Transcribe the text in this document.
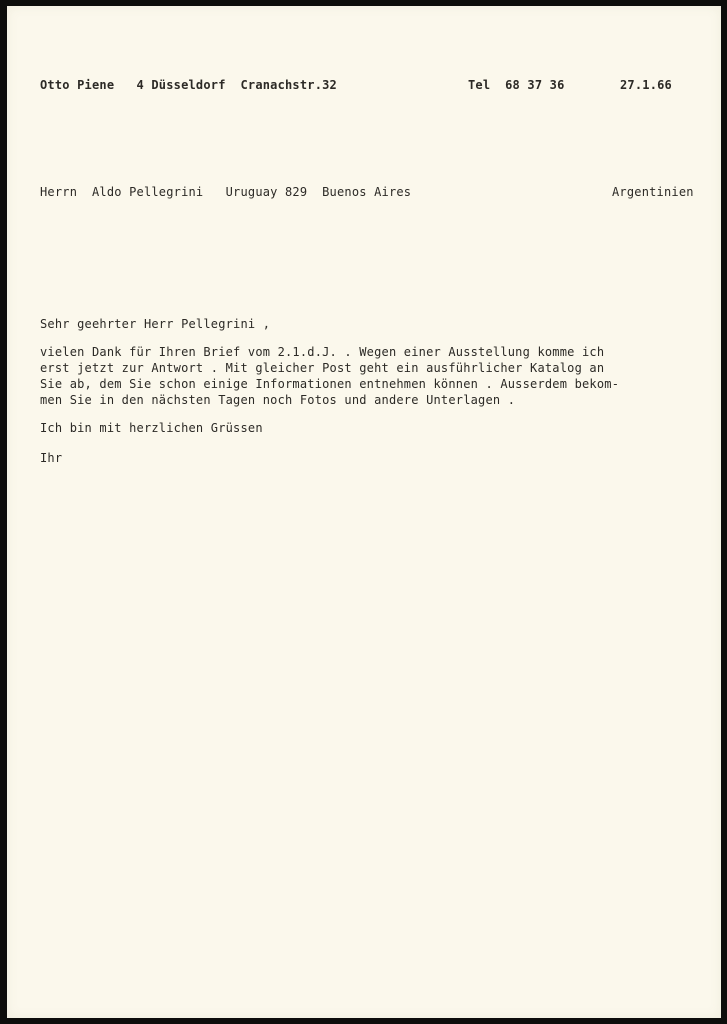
Otto Piene   4 Düsseldorf  Cranachstr.32	Tel  68 37 36	27.1.66
Herrn  Aldo Pellegrini   Uruguay 829  Buenos Aires	Argentinien
Sehr geehrter Herr Pellegrini ,
vielen Dank für Ihren Brief vom 2.1.d.J. . Wegen einer Ausstellung komme ich
erst jetzt zur Antwort . Mit gleicher Post geht ein ausführlicher Katalog an
Sie ab, dem Sie schon einige Informationen entnehmen können . Ausserdem bekom-
men Sie in den nächsten Tagen noch Fotos und andere Unterlagen .
Ich bin mit herzlichen Grüssen
Ihr
